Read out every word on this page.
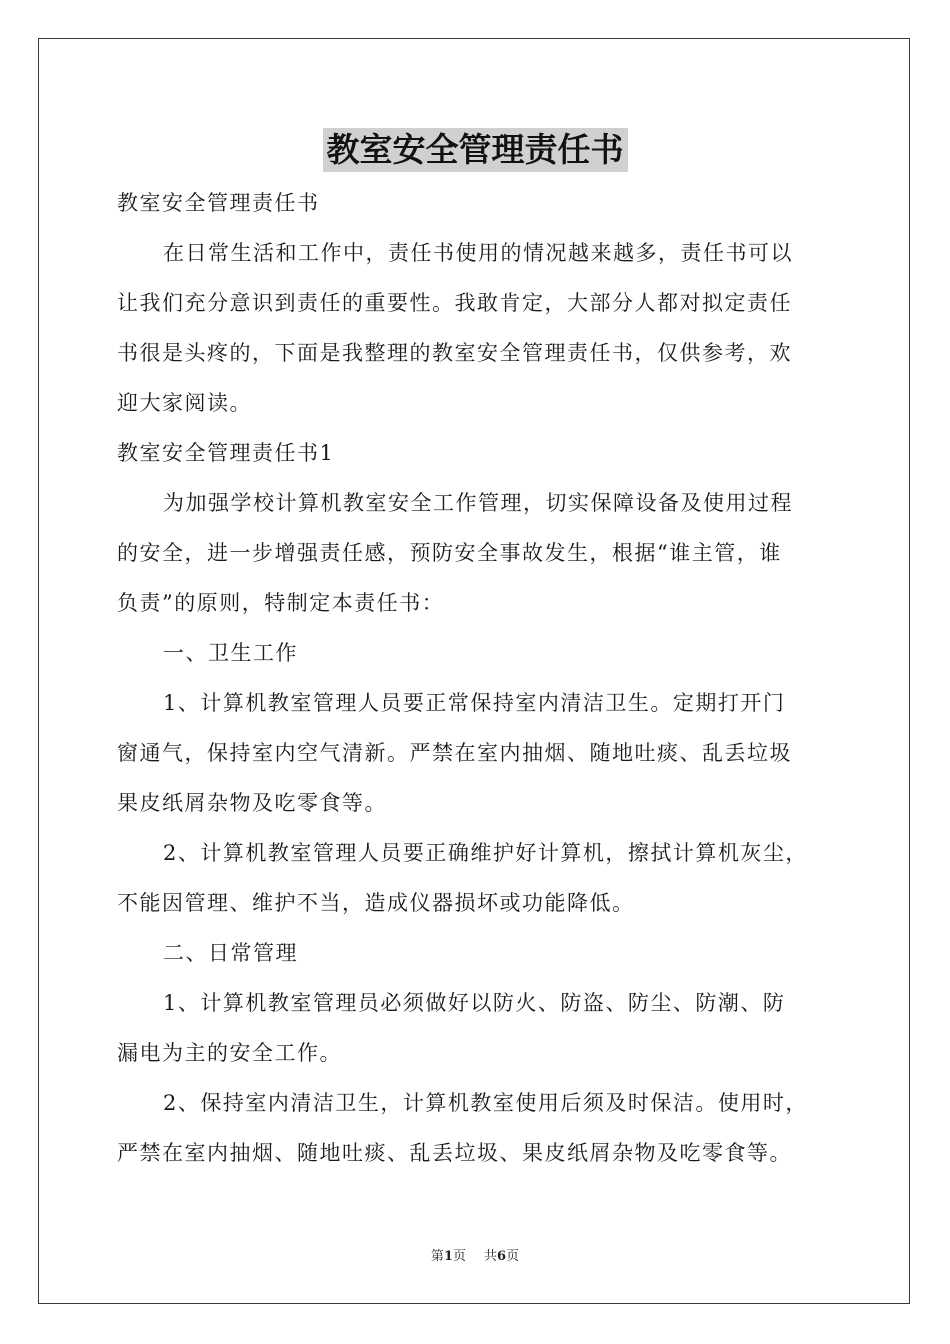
教室安全管理责任书
教室安全管理责任书
在日常生活和工作中，责任书使用的情况越来越多，责任书可以
让我们充分意识到责任的重要性。我敢肯定，大部分人都对拟定责任
书很是头疼的，下面是我整理的教室安全管理责任书，仅供参考，欢
迎大家阅读。
教室安全管理责任书1
为加强学校计算机教室安全工作管理，切实保障设备及使用过程
的安全，进一步增强责任感，预防安全事故发生，根据“谁主管，谁
负责”的原则，特制定本责任书：
一、卫生工作
1、计算机教室管理人员要正常保持室内清洁卫生。定期打开门
窗通气，保持室内空气清新。严禁在室内抽烟、随地吐痰、乱丢垃圾
果皮纸屑杂物及吃零食等。
2、计算机教室管理人员要正确维护好计算机，擦拭计算机灰尘，
不能因管理、维护不当，造成仪器损坏或功能降低。
二、日常管理
1、计算机教室管理员必须做好以防火、防盗、防尘、防潮、防
漏电为主的安全工作。
2、保持室内清洁卫生，计算机教室使用后须及时保洁。使用时，
严禁在室内抽烟、随地吐痰、乱丢垃圾、果皮纸屑杂物及吃零食等。
第1页 共6页
